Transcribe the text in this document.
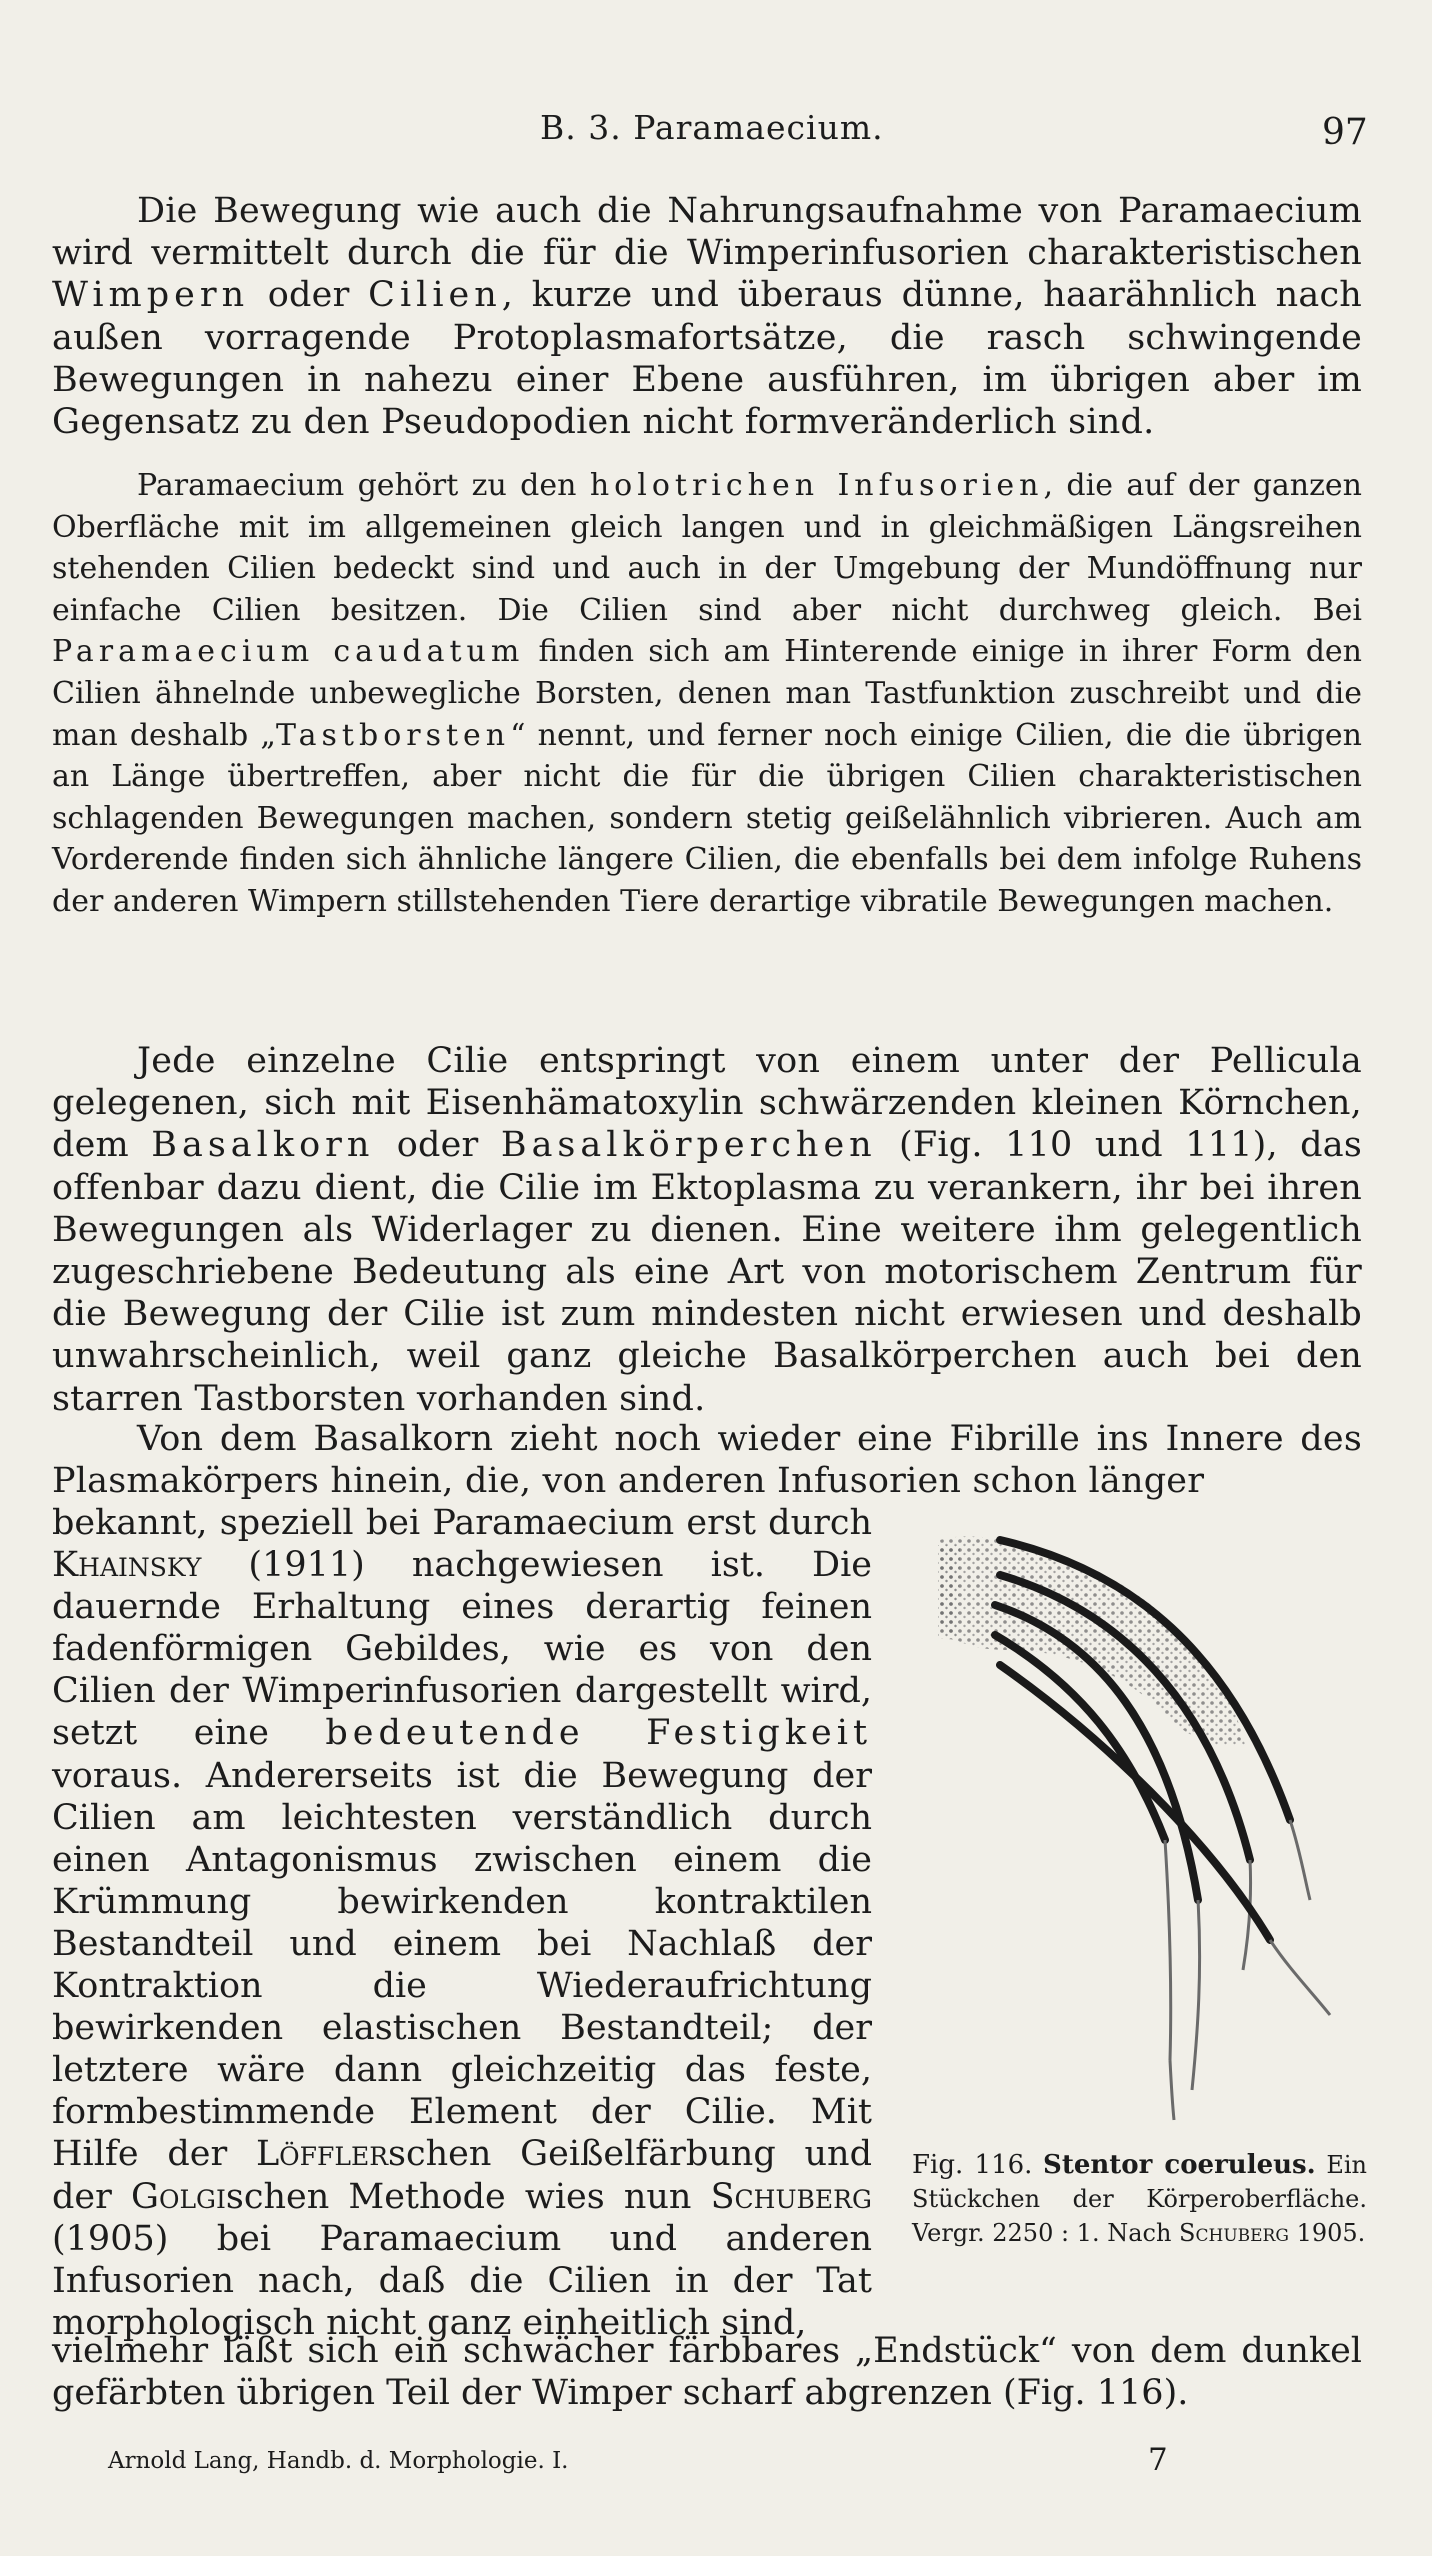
B. 3. Paramaecium.	97

Die Bewegung wie auch die Nahrungsaufnahme von Paramaecium wird vermittelt durch die für die Wimperinfusorien charakteristischen Wimpern oder Cilien, kurze und überaus dünne, haarähnlich nach außen vorragende Protoplasmafortsätze, die rasch schwingende Bewegungen in nahezu einer Ebene ausführen, im übrigen aber im Gegensatz zu den Pseudopodien nicht formveränderlich sind.

Paramaecium gehört zu den holotrichen Infusorien, die auf der ganzen Oberfläche mit im allgemeinen gleich langen und in gleichmäßigen Längsreihen stehenden Cilien bedeckt sind und auch in der Umgebung der Mundöffnung nur einfache Cilien besitzen. Die Cilien sind aber nicht durchweg gleich. Bei Paramaecium caudatum finden sich am Hinterende einige in ihrer Form den Cilien ähnelnde unbewegliche Borsten, denen man Tastfunktion zuschreibt und die man deshalb „Tastborsten“ nennt, und ferner noch einige Cilien, die die übrigen an Länge übertreffen, aber nicht die für die übrigen Cilien charakteristischen schlagenden Bewegungen machen, sondern stetig geißelähnlich vibrieren. Auch am Vorderende finden sich ähnliche längere Cilien, die ebenfalls bei dem infolge Ruhens der anderen Wimpern stillstehenden Tiere derartige vibratile Bewegungen machen.

Jede einzelne Cilie entspringt von einem unter der Pellicula gelegenen, sich mit Eisenhämatoxylin schwärzenden kleinen Körnchen, dem Basalkorn oder Basalkörperchen (Fig. 110 und 111), das offenbar dazu dient, die Cilie im Ektoplasma zu verankern, ihr bei ihren Bewegungen als Widerlager zu dienen. Eine weitere ihm gelegentlich zugeschriebene Bedeutung als eine Art von motorischem Zentrum für die Bewegung der Cilie ist zum mindesten nicht erwiesen und deshalb unwahrscheinlich, weil ganz gleiche Basalkörperchen auch bei den starren Tastborsten vorhanden sind.

Von dem Basalkorn zieht noch wieder eine Fibrille ins Innere des Plasmakörpers hinein, die, von anderen Infusorien schon länger

bekannt, speziell bei Paramaecium erst durch Khainsky (1911) nachgewiesen ist. Die dauernde Erhaltung eines derartig feinen fadenförmigen Gebildes, wie es von den Cilien der Wimperinfusorien dargestellt wird, setzt eine bedeutende Festigkeit voraus. Andererseits ist die Bewegung der Cilien am leichtesten verständlich durch einen Antagonismus zwischen einem die Krümmung bewirkenden kontraktilen Bestandteil und einem bei Nachlaß der Kontraktion die Wiederaufrichtung bewirkenden elastischen Bestandteil; der letztere wäre dann gleichzeitig das feste, formbestimmende Element der Cilie. Mit Hilfe der Löfflerschen Geißelfärbung und der Golgischen Methode wies nun Schuberg (1905) bei Paramaecium und anderen Infusorien nach, daß die Cilien in der Tat morphologisch nicht ganz einheitlich sind,

vielmehr läßt sich ein schwächer färbbares „Endstück“ von dem dunkel gefärbten übrigen Teil der Wimper scharf abgrenzen (Fig. 116).

Fig. 116. Stentor coeruleus. Ein Stückchen der Körperoberfläche. Vergr. 2250 : 1. Nach Schuberg 1905.

Arnold Lang, Handb. d. Morphologie. I.	7
